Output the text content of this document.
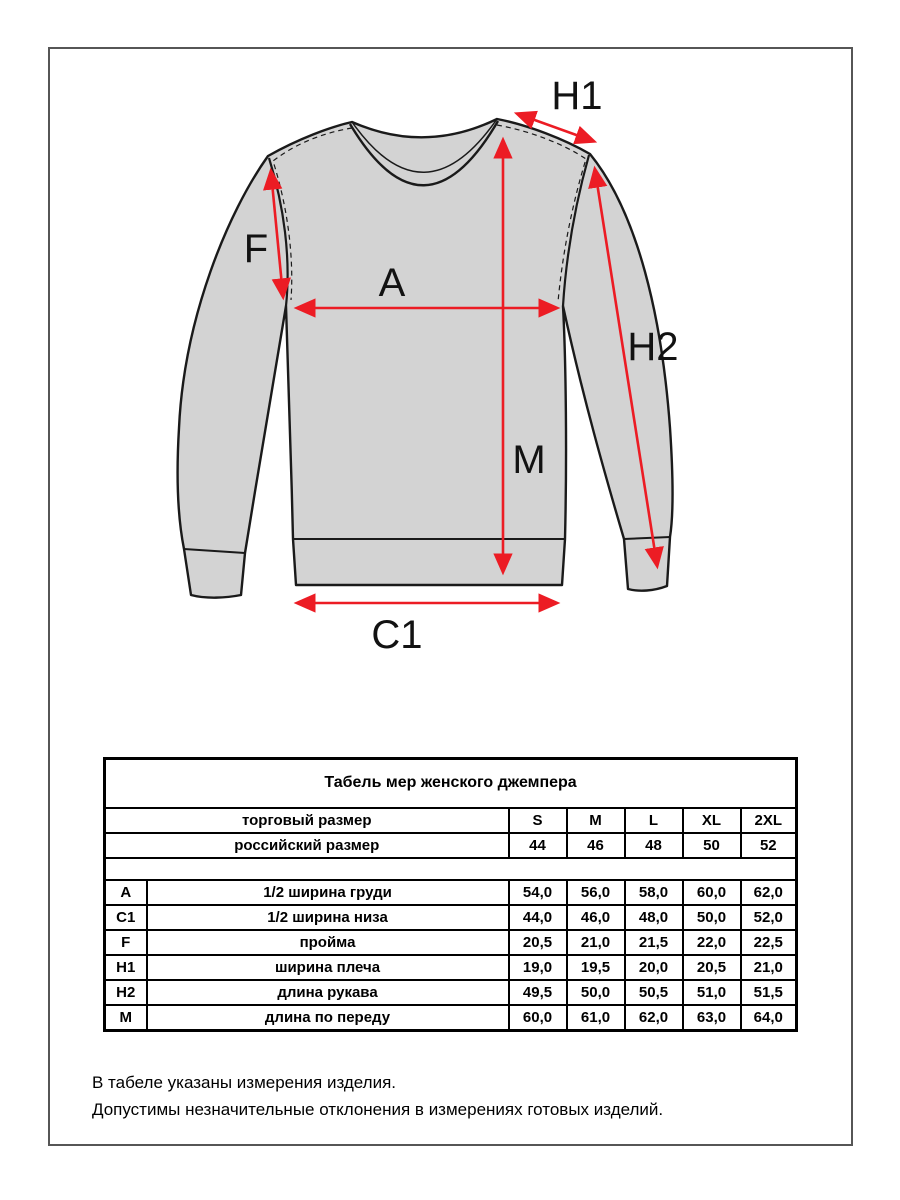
F
A
M
H1
H2
C1
Табель мер женского джемпера						
торговый размер		S	M	L	XL	2XL
российский размер		44	46	48	50	52

A	1/2 ширина груди	54,0	56,0	58,0	60,0	62,0
C1	1/2 ширина низа	44,0	46,0	48,0	50,0	52,0
F	пройма	20,5	21,0	21,5	22,0	22,5
H1	ширина плеча	19,0	19,5	20,0	20,5	21,0
H2	длина рукава	49,5	50,0	50,5	51,0	51,5
M	длина по переду	60,0	61,0	62,0	63,0	64,0
В табеле указаны измерения изделия.
Допустимы незначительные отклонения в измерениях готовых изделий.
